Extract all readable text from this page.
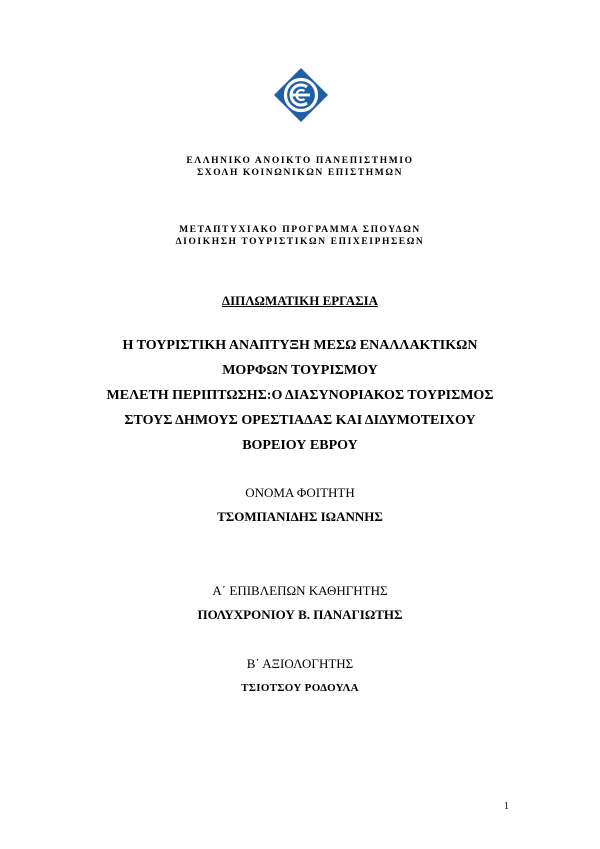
ΕΛΛΗΝΙΚΟ ΑΝΟΙΚΤΟ ΠΑΝΕΠΙΣΤΗΜΙΟ
ΣΧΟΛΗ ΚΟΙΝΩΝΙΚΩΝ ΕΠΙΣΤΗΜΩΝ
ΜΕΤΑΠΤΥΧΙΑΚΟ ΠΡΟΓΡΑΜΜΑ ΣΠΟΥΔΩΝ
ΔΙΟΙΚΗΣΗ ΤΟΥΡΙΣΤΙΚΩΝ ΕΠΙΧΕΙΡΗΣΕΩΝ
ΔΙΠΛΩΜΑΤΙΚΗ ΕΡΓΑΣΙΑ
Η ΤΟΥΡΙΣΤΙΚΗ ΑΝΑΠΤΥΞΗ ΜΕΣΩ ΕΝΑΛΛΑΚΤΙΚΩΝ
ΜΟΡΦΩΝ ΤΟΥΡΙΣΜΟΥ
ΜΕΛΕΤΗ ΠΕΡΙΠΤΩΣΗΣ:Ο ΔΙΑΣΥΝΟΡΙΑΚΟΣ ΤΟΥΡΙΣΜΟΣ
ΣΤΟΥΣ ΔΗΜΟΥΣ ΟΡΕΣΤΙΑΔΑΣ ΚΑΙ ΔΙΔΥΜΟΤΕΙΧΟΥ
ΒΟΡΕΙΟΥ ΕΒΡΟΥ
ΟΝΟΜΑ ΦΟΙΤΗΤΗ
ΤΣΟΜΠΑΝΙΔΗΣ ΙΩΑΝΝΗΣ
Α΄ ΕΠΙΒΛΕΠΩΝ ΚΑΘΗΓΗΤΗΣ
ΠΟΛΥΧΡΟΝΙΟΥ Β. ΠΑΝΑΓΙΩΤΗΣ
Β΄ ΑΞΙΟΛΟΓΗΤΗΣ
ΤΣΙΟΤΣΟΥ ΡΟΔΟΥΛΑ
1
